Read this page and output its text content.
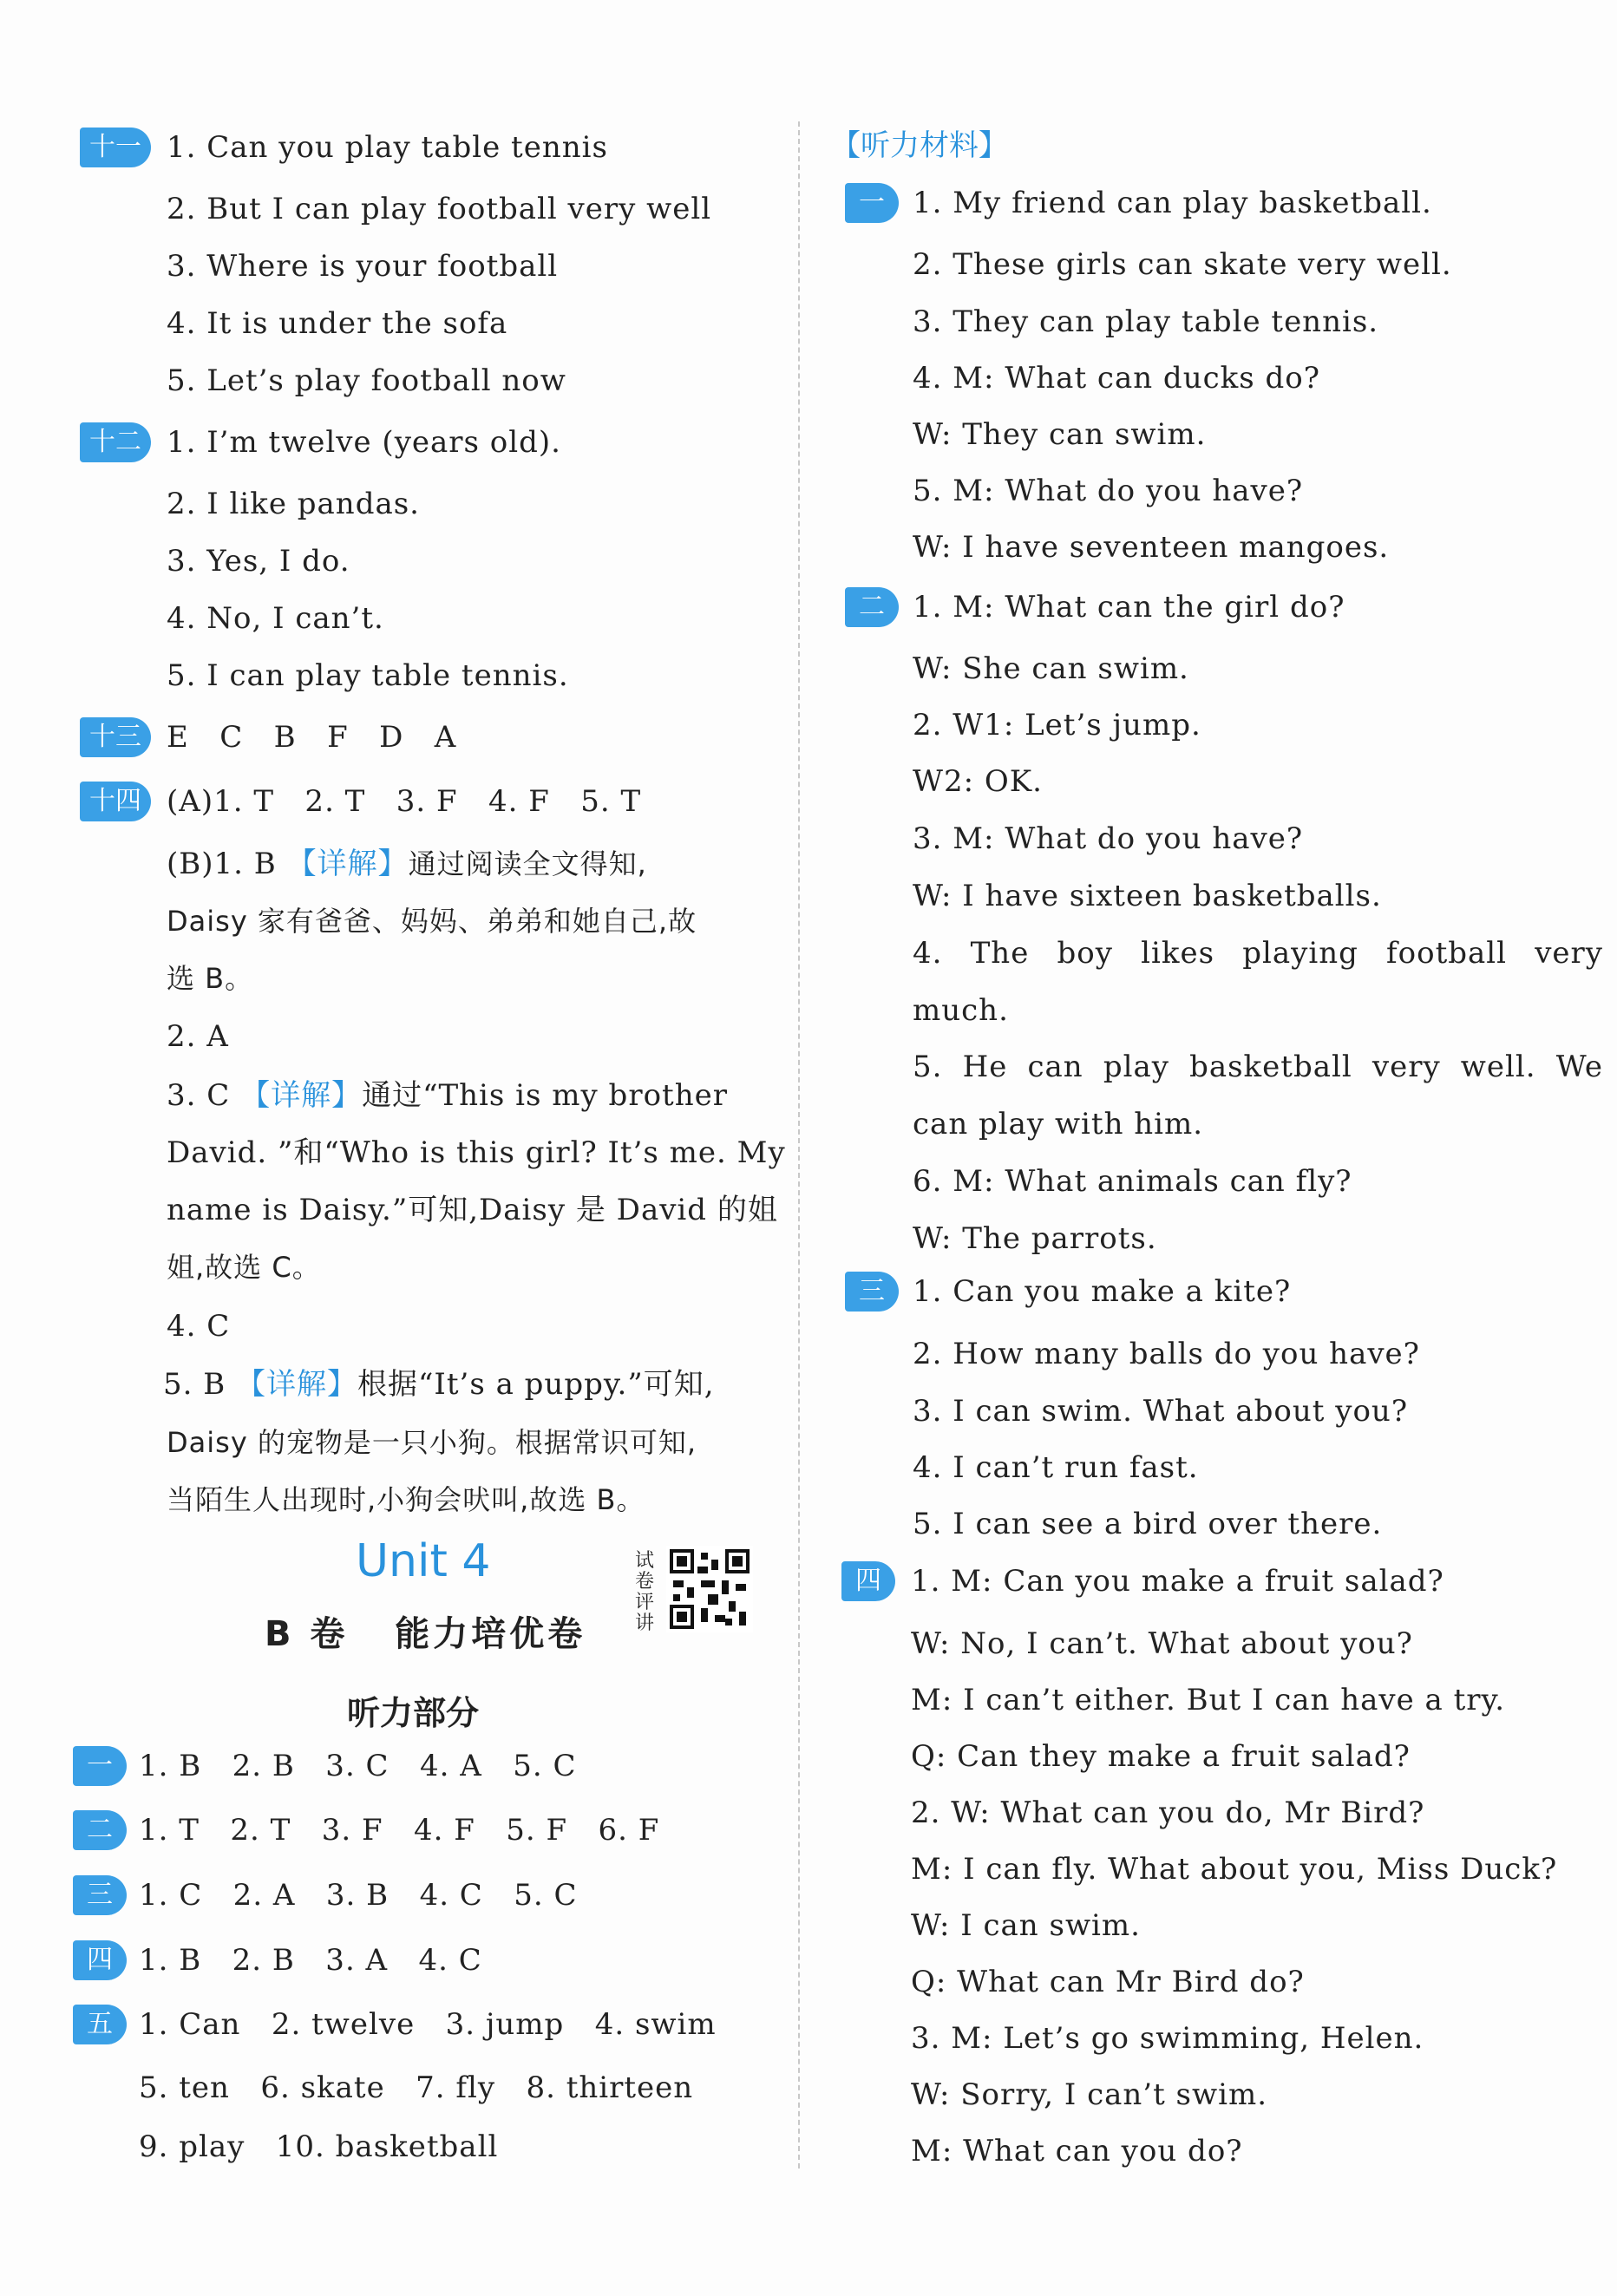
十一 1. Can you play table tennis
2. But I can play football very well
3. Where is your football
4. It is under the sofa
5. Let’s play football now
十二 1. I’m twelve (years old).
2. I like pandas.
3. Yes, I do.
4. No, I can’t.
5. I can play table tennis.
十三 E   C   B   F   D   A
十四 (A)1. T   2. T   3. F   4. F   5. T
(B)1. B 【详解】通过阅读全文得知,
Daisy 家有爸爸、妈妈、弟弟和她自己,故
选 B。
2. A
3. C 【详解】通过“This is my brother
David. ”和“Who is this girl? It’s me. My
name is Daisy.”可知,Daisy 是 David 的姐
姐,故选 C。
4. C
5. B 【详解】根据“It’s a puppy.”可知,
Daisy 的宠物是一只小狗。根据常识可知,
当陌生人出现时,小狗会吠叫,故选 B。
Unit 4	试卷评讲
B 卷   能力培优卷
听力部分
一 1. B   2. B   3. C   4. A   5. C
二 1. T   2. T   3. F   4. F   5. F   6. F
三 1. C   2. A   3. B   4. C   5. C
四 1. B   2. B   3. A   4. C
五 1. Can   2. twelve   3. jump   4. swim
5. ten   6. skate   7. fly   8. thirteen
9. play   10. basketball
【听力材料】
一 1. My friend can play basketball.
2. These girls can skate very well.
3. They can play table tennis.
4. M: What can ducks do?
W: They can swim.
5. M: What do you have?
W: I have seventeen mangoes.
二 1. M: What can the girl do?
W: She can swim.
2. W1: Let’s jump.
W2: OK.
3. M: What do you have?
W: I have sixteen basketballs.
4. The boy likes playing football very
much.
5. He can play basketball very well. We
can play with him.
6. M: What animals can fly?
W: The parrots.
三 1. Can you make a kite?
2. How many balls do you have?
3. I can swim. What about you?
4. I can’t run fast.
5. I can see a bird over there.
四	1. M: Can you make a fruit salad?
W: No, I can’t. What about you?
M: I can’t either. But I can have a try.
Q: Can they make a fruit salad?
2. W: What can you do, Mr Bird?
M: I can fly. What about you, Miss Duck?
W: I can swim.
Q: What can Mr Bird do?
3. M: Let’s go swimming, Helen.
W: Sorry, I can’t swim.
M: What can you do?
